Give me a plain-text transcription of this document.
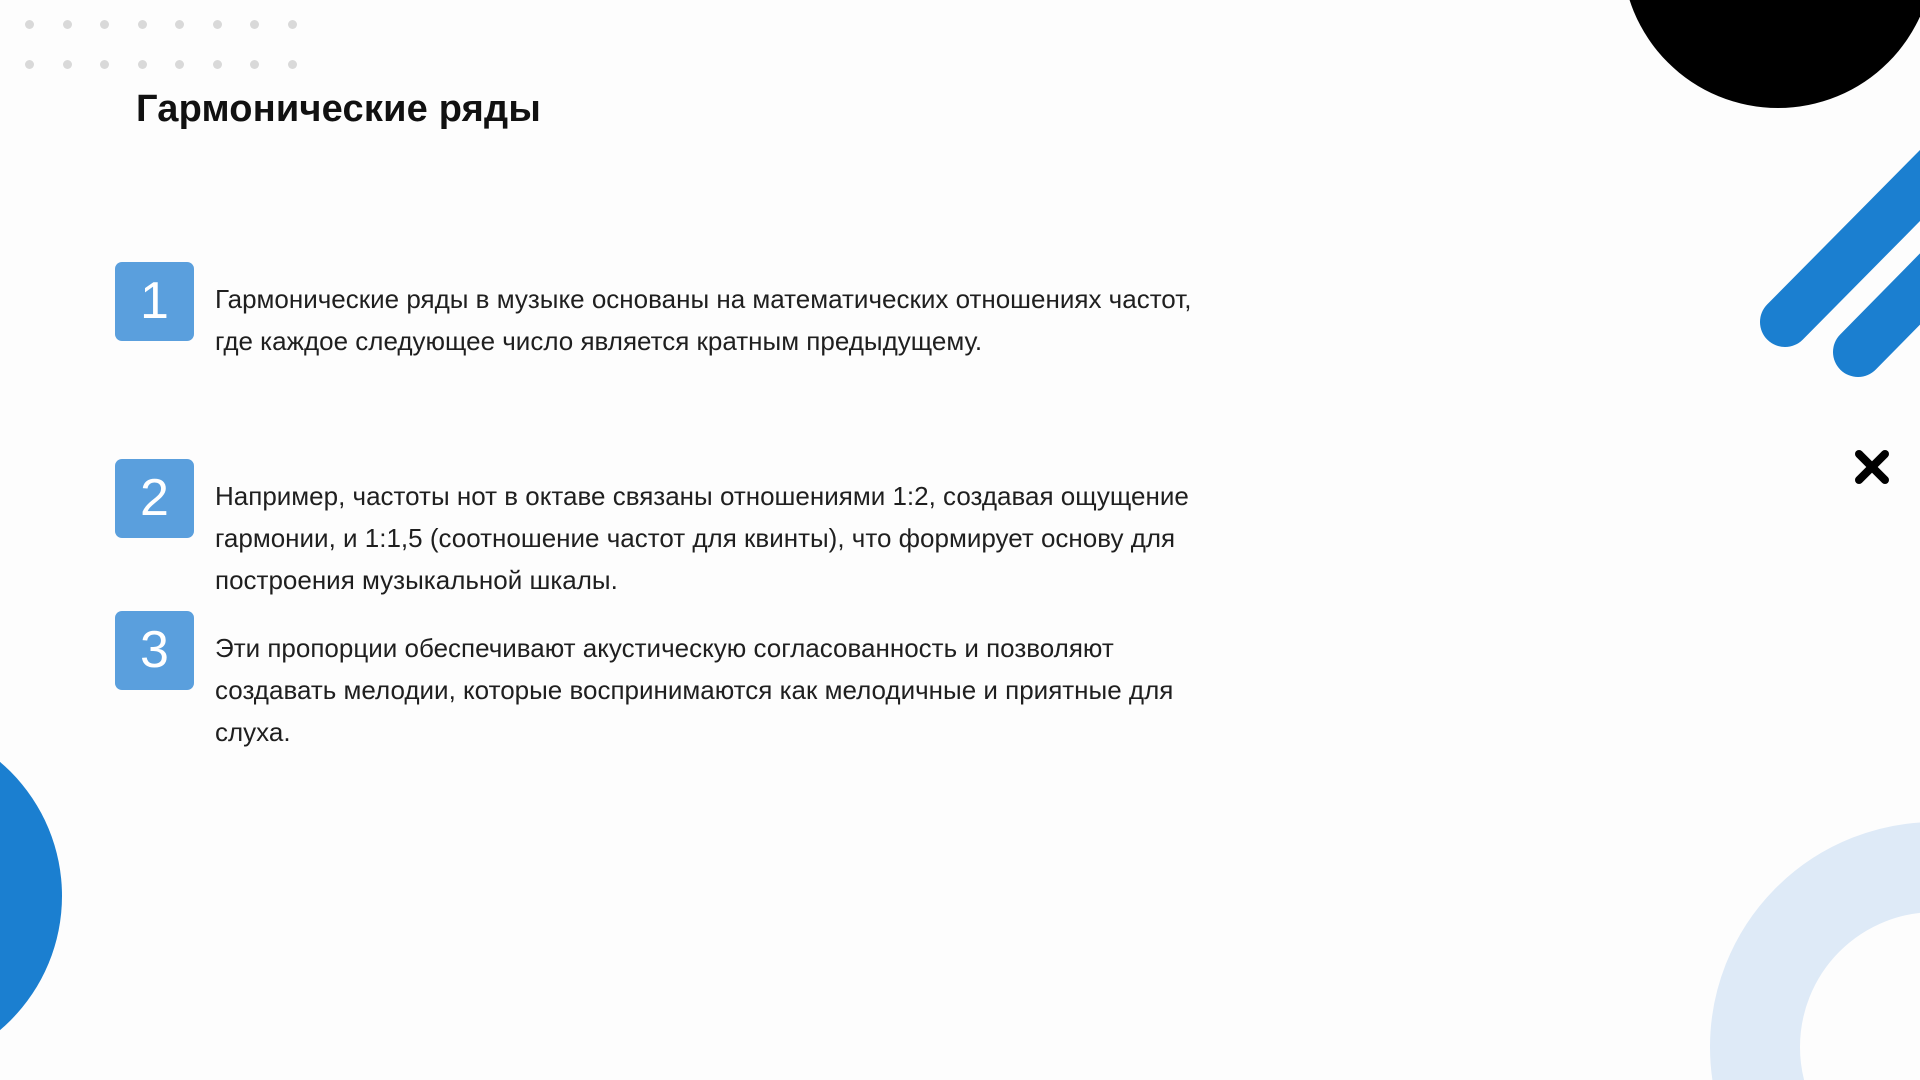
Гармонические ряды
1	Гармонические ряды в музыке основаны на математических отношениях частот, где каждое следующее число является кратным предыдущему.

2	Например, частоты нот в октаве связаны отношениями 1:2, создавая ощущение гармонии, и 1:1,5 (соотношение частот для квинты), что формирует основу для построения музыкальной шкалы.

3	Эти пропорции обеспечивают акустическую согласованность и позволяют создавать мелодии, которые воспринимаются как мелодичные и приятные для слуха.
